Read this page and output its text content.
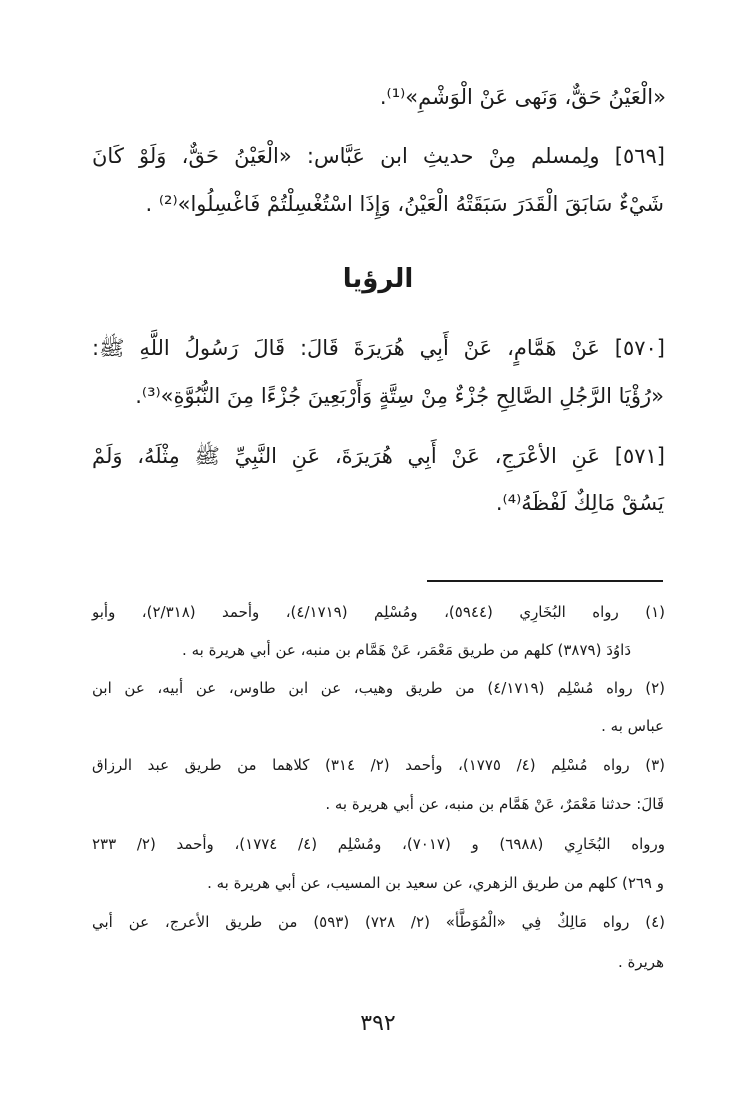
«الْعَيْنُ حَقٌّ، وَنَهى عَنْ الْوَشْمِ»⁽¹⁾.
[٥٦٩] ولِمسلم مِنْ حديثِ ابن عَبَّاس: «الْعَيْنُ حَقٌّ، وَلَوْ كَانَ
شَيْءٌ سَابَقَ الْقَدَرَ سَبَقَتْهُ الْعَيْنُ، وَإِذَا اسْتُغْسِلْتُمْ فَاغْسِلُوا»⁽²⁾ .
الرؤيا
[٥٧٠] عَنْ هَمَّامٍ، عَنْ أَبِي هُرَيرَةَ قَالَ: قَالَ رَسُولُ اللَّهِ ﷺ:
«رُؤْيَا الرَّجُلِ الصَّالِحِ جُزْءٌ مِنْ سِتَّةٍ وَأَرْبَعِينَ جُزْءًا مِنَ النُّبُوَّةِ»⁽³⁾.
[٥٧١] عَنِ الأعْرَجِ، عَنْ أَبِي هُرَيرَةَ، عَنِ النَّبِيِّ ﷺ مِثْلَهُ، وَلَمْ
يَسُقْ مَالِكٌ لَفْظَهُ⁽⁴⁾.
(١) رواه البُخَارِي (٥٩٤٤)، ومُسْلِم (٤/١٧١٩)، وأحمد (٢/٣١٨)، وأبو
دَاوُدَ (٣٨٧٩) كلهم من طريق مَعْمَر، عَنْ هَمَّام بن منبه، عن أبي هريرة به .
(٢) رواه مُسْلِم (٤/١٧١٩) من طريق وهيب، عن ابن طاوس، عن أبيه، عن ابن
عباس به .
(٣) رواه مُسْلِم (٤/ ١٧٧٥)، وأحمد (٢/ ٣١٤) كلاهما من طريق عبد الرزاق
قَالَ: حدثنا مَعْمَرٌ، عَنْ هَمَّام بن منبه، عن أبي هريرة به .
ورواه البُخَارِي (٦٩٨٨) و (٧٠١٧)، ومُسْلِم (٤/ ١٧٧٤)، وأحمد (٢/ ٢٣٣
و ٢٦٩) كلهم من طريق الزهري، عن سعيد بن المسيب، عن أبي هريرة به .
(٤) رواه مَالِكٌ فِي «الْمُوَطَّأ» (٢/ ٧٢٨) (٥٩٣) من طريق الأعرج، عن أبي
هريرة .
٣٩٢
